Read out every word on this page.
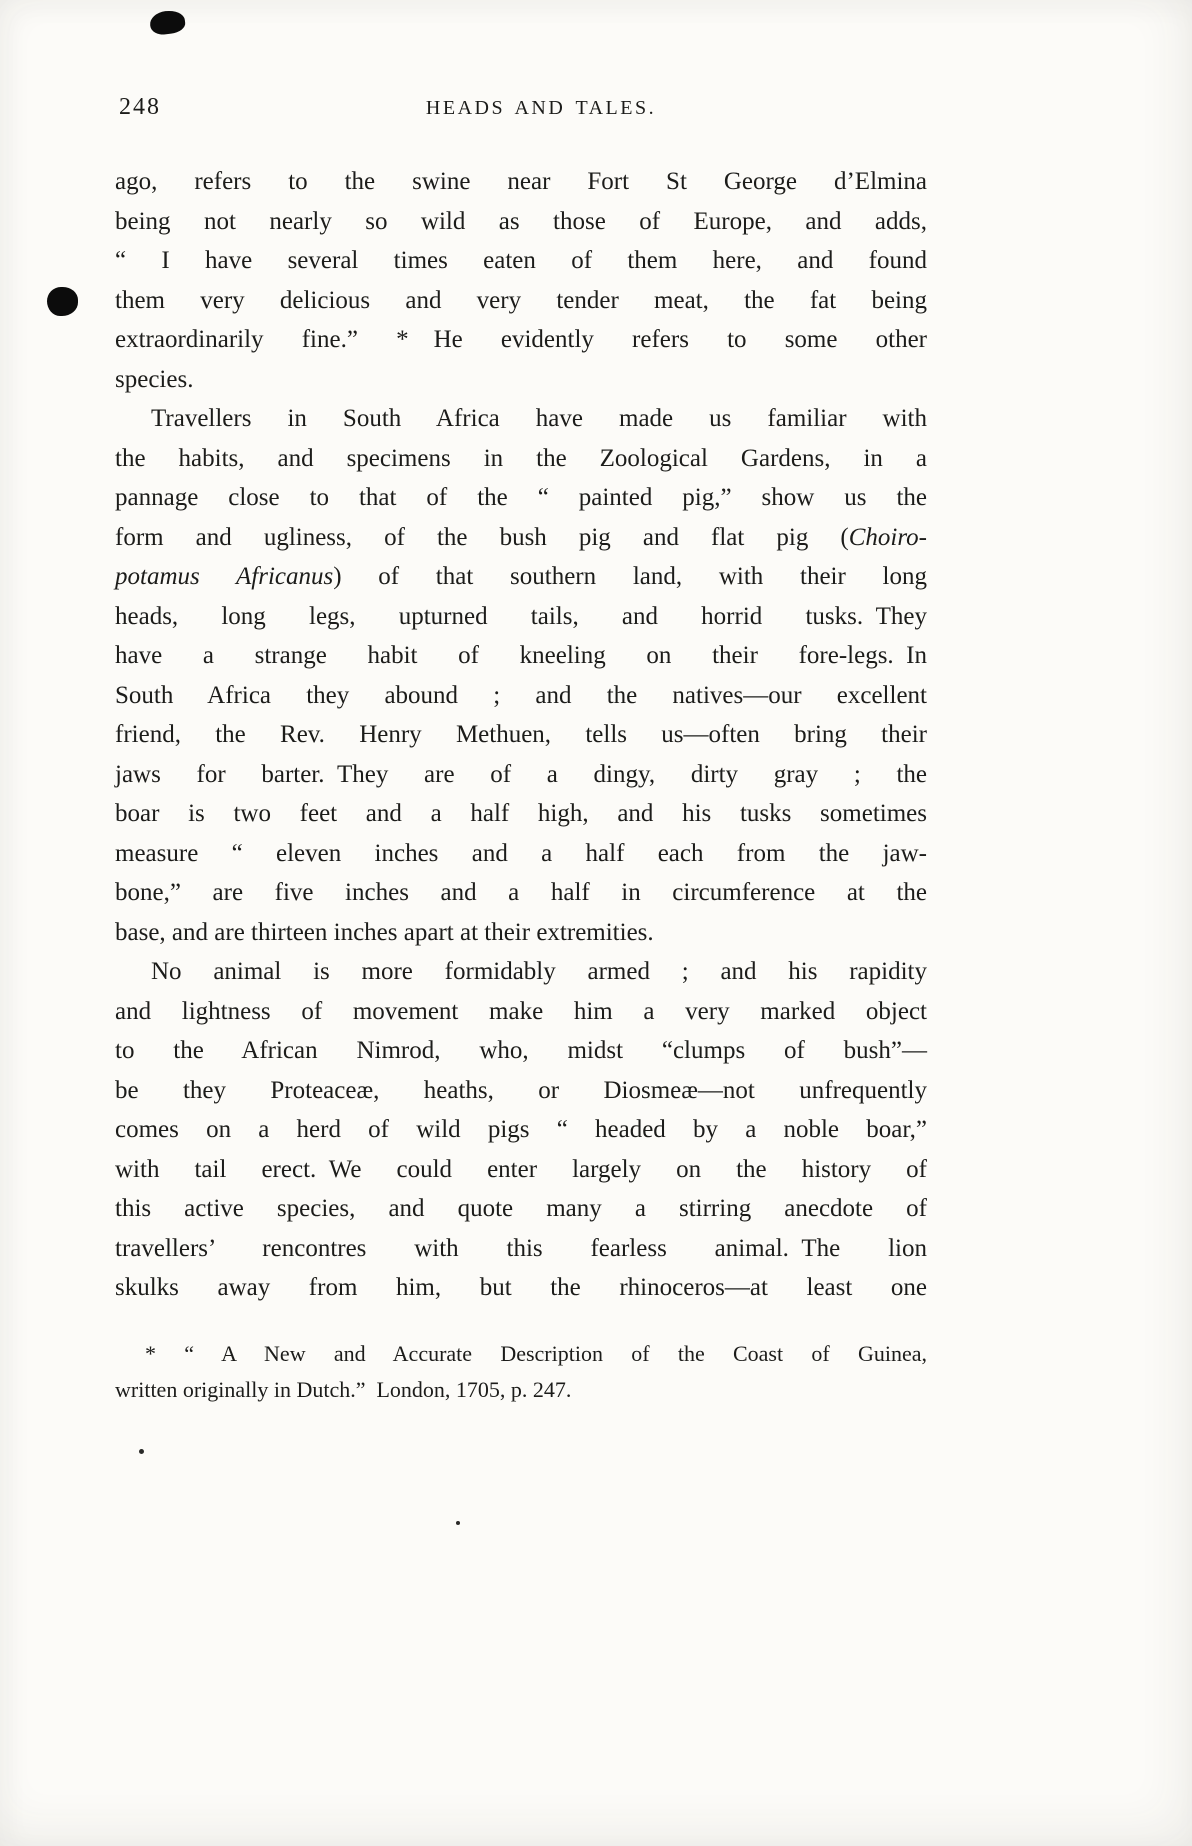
248	HEADS AND TALES.
ago, refers to the swine near Fort St George d’Elmina
being not nearly so wild as those of Europe, and adds,
“ I have several times eaten of them here, and found
them very delicious and very tender meat, the fat being
extraordinarily fine.” * He evidently refers to some other
species.
Travellers in South Africa have made us familiar with
the habits, and specimens in the Zoological Gardens, in a
pannage close to that of the “ painted pig,” show us the
form and ugliness, of the bush pig and flat pig (Choiro-
potamus Africanus) of that southern land, with their long
heads, long legs, upturned tails, and horrid tusks. They
have a strange habit of kneeling on their fore-legs. In
South Africa they abound ; and the natives—our excellent
friend, the Rev. Henry Methuen, tells us—often bring their
jaws for barter. They are of a dingy, dirty gray ; the
boar is two feet and a half high, and his tusks sometimes
measure “ eleven inches and a half each from the jaw-
bone,” are five inches and a half in circumference at the
base, and are thirteen inches apart at their extremities.
No animal is more formidably armed ; and his rapidity
and lightness of movement make him a very marked object
to the African Nimrod, who, midst “clumps of bush”—
be they Proteaceæ, heaths, or Diosmeæ—not unfrequently
comes on a herd of wild pigs “ headed by a noble boar,”
with tail erect. We could enter largely on the history of
this active species, and quote many a stirring anecdote of
travellers’ rencontres with this fearless animal. The lion
skulks away from him, but the rhinoceros—at least one
* “ A New and Accurate Description of the Coast of Guinea,
written originally in Dutch.” London, 1705, p. 247.
